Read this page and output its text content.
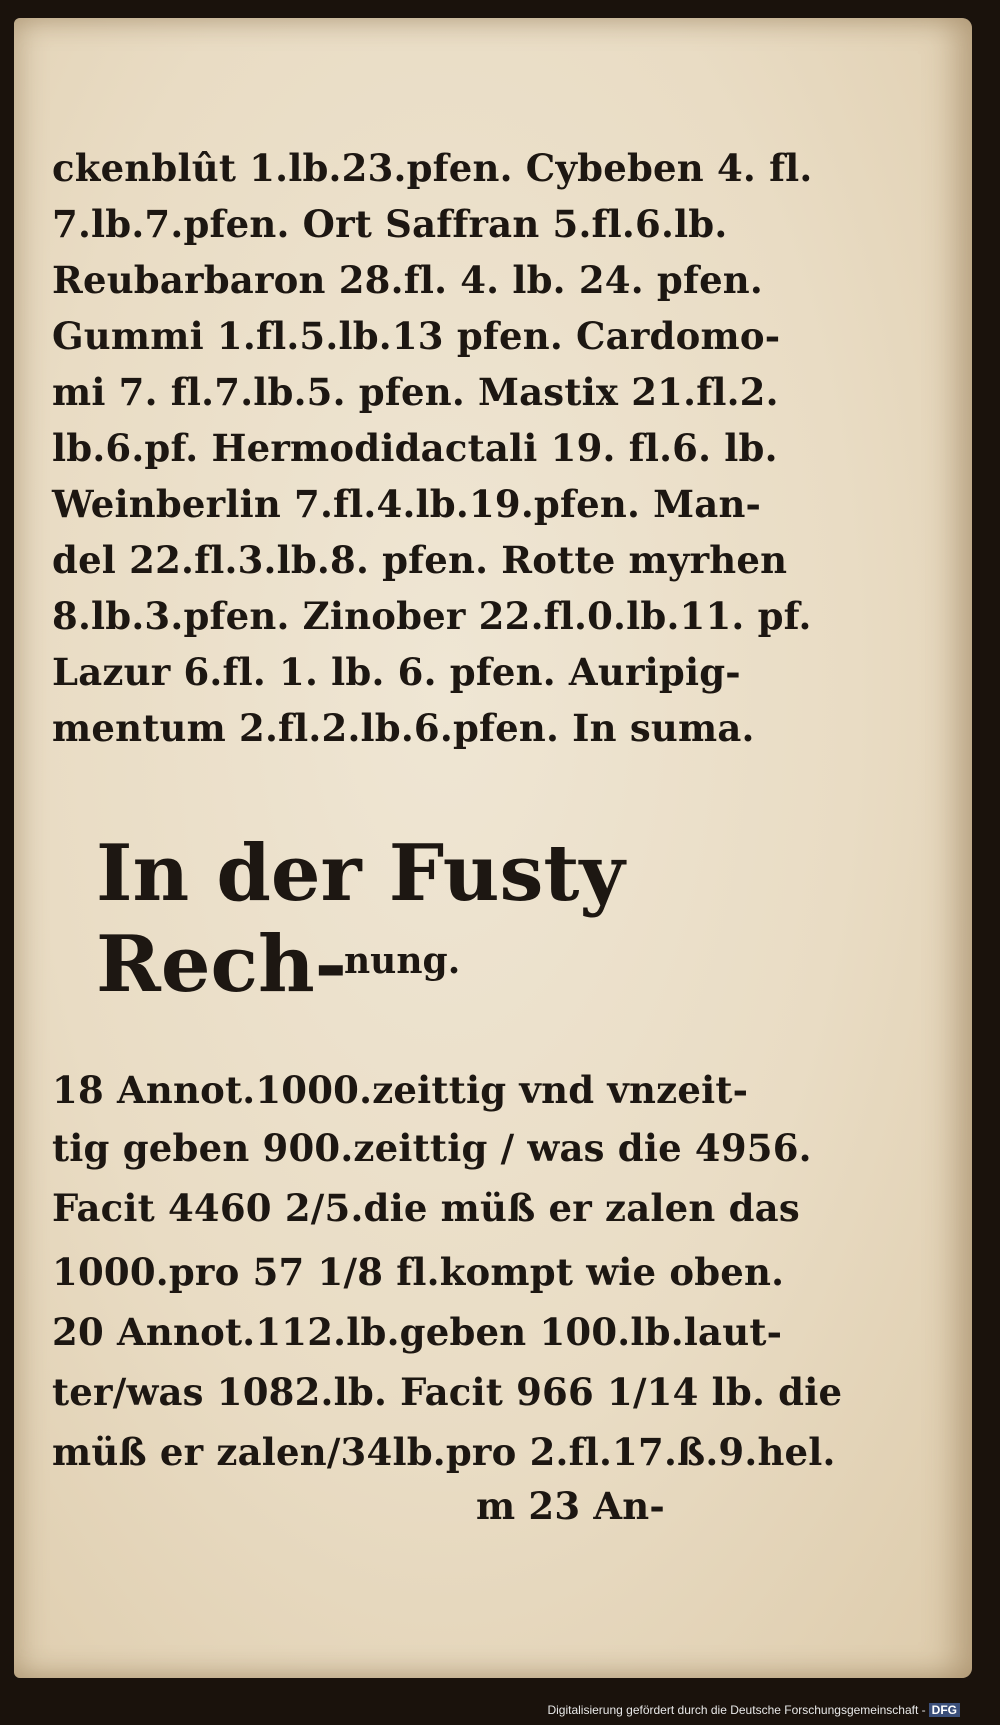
ckenblût 1.lb.23.pfen. Cybeben 4. fl.
7.lb.7.pfen. Ort Saffran 5.fl.6.lb.
Reubarbaron 28.fl. 4. lb. 24. pfen.
Gummi 1.fl.5.lb.13 pfen. Cardomo-
mi 7. fl.7.lb.5. pfen. Mastix 21.fl.2.
lb.6.pf. Hermodidactali 19. fl.6. lb.
Weinberlin 7.fl.4.lb.19.pfen. Man-
del 22.fl.3.lb.8. pfen. Rotte myrhen
8.lb.3.pfen. Zinober 22.fl.0.lb.11. pf.
Lazur 6.fl. 1. lb. 6. pfen. Auripig-
mentum 2.fl.2.lb.6.pfen. In suma.
In der Fusty Rech-
nung.
18 Annot.1000.zeittig vnd vnzeit-
tig geben 900.zeittig / was die 4956.
Facit 4460 2/5.die müß er zalen das
1000.pro 57 1/8 fl.kompt wie oben.
20 Annot.112.lb.geben 100.lb.laut-
ter/was 1082.lb. Facit 966 1/14 lb. die
müß er zalen/34lb.pro 2.fl.17.ß.9.hel.
m 23 An-
Digitalisierung gefördert durch die Deutsche Forschungsgemeinschaft - DFG
